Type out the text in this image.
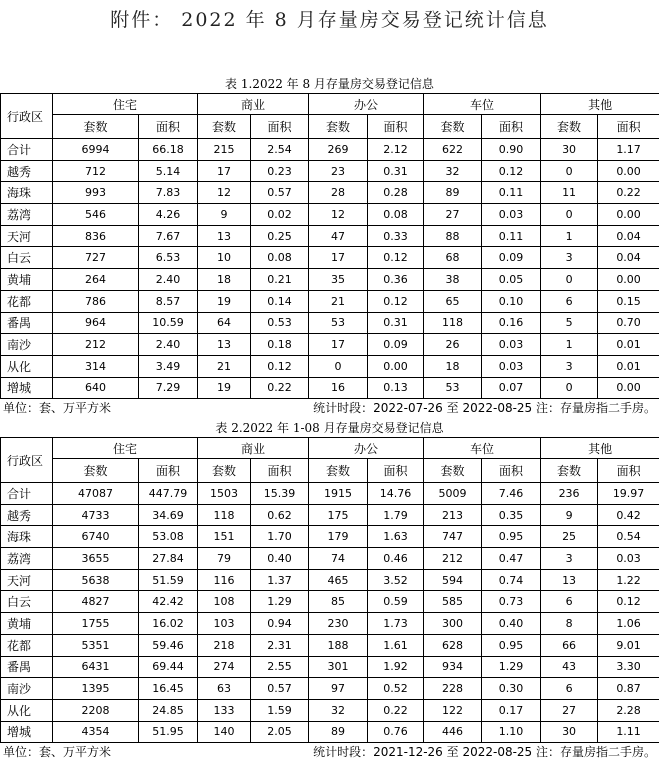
附件： 2022 年 8 月存量房交易登记统计信息
表 1.2022 年 8 月存量房交易登记信息
行政区	住宅		商业		办公		车位		其他	
	套数	面积	套数	面积	套数	面积	套数	面积	套数	面积
合计	6994	66.18	215	2.54	269	2.12	622	0.90	30	1.17
越秀	712	5.14	17	0.23	23	0.31	32	0.12	0	0.00
海珠	993	7.83	12	0.57	28	0.28	89	0.11	11	0.22
荔湾	546	4.26	9	0.02	12	0.08	27	0.03	0	0.00
天河	836	7.67	13	0.25	47	0.33	88	0.11	1	0.04
白云	727	6.53	10	0.08	17	0.12	68	0.09	3	0.04
黄埔	264	2.40	18	0.21	35	0.36	38	0.05	0	0.00
花都	786	8.57	19	0.14	21	0.12	65	0.10	6	0.15
番禺	964	10.59	64	0.53	53	0.31	118	0.16	5	0.70
南沙	212	2.40	13	0.18	17	0.09	26	0.03	1	0.01
从化	314	3.49	21	0.12	0	0.00	18	0.03	3	0.01
增城	640	7.29	19	0.22	16	0.13	53	0.07	0	0.00
单位：套、万平方米	统计时段：2022-07-26 至 2022-08-25 注：存量房指二手房。
表 2.2022 年 1-08 月存量房交易登记信息
行政区	住宅		商业		办公		车位		其他	
	套数	面积	套数	面积	套数	面积	套数	面积	套数	面积
合计	47087	447.79	1503	15.39	1915	14.76	5009	7.46	236	19.97
越秀	4733	34.69	118	0.62	175	1.79	213	0.35	9	0.42
海珠	6740	53.08	151	1.70	179	1.63	747	0.95	25	0.54
荔湾	3655	27.84	79	0.40	74	0.46	212	0.47	3	0.03
天河	5638	51.59	116	1.37	465	3.52	594	0.74	13	1.22
白云	4827	42.42	108	1.29	85	0.59	585	0.73	6	0.12
黄埔	1755	16.02	103	0.94	230	1.73	300	0.40	8	1.06
花都	5351	59.46	218	2.31	188	1.61	628	0.95	66	9.01
番禺	6431	69.44	274	2.55	301	1.92	934	1.29	43	3.30
南沙	1395	16.45	63	0.57	97	0.52	228	0.30	6	0.87
从化	2208	24.85	133	1.59	32	0.22	122	0.17	27	2.28
增城	4354	51.95	140	2.05	89	0.76	446	1.10	30	1.11
单位：套、万平方米	统计时段：2021-12-26 至 2022-08-25 注：存量房指二手房。
